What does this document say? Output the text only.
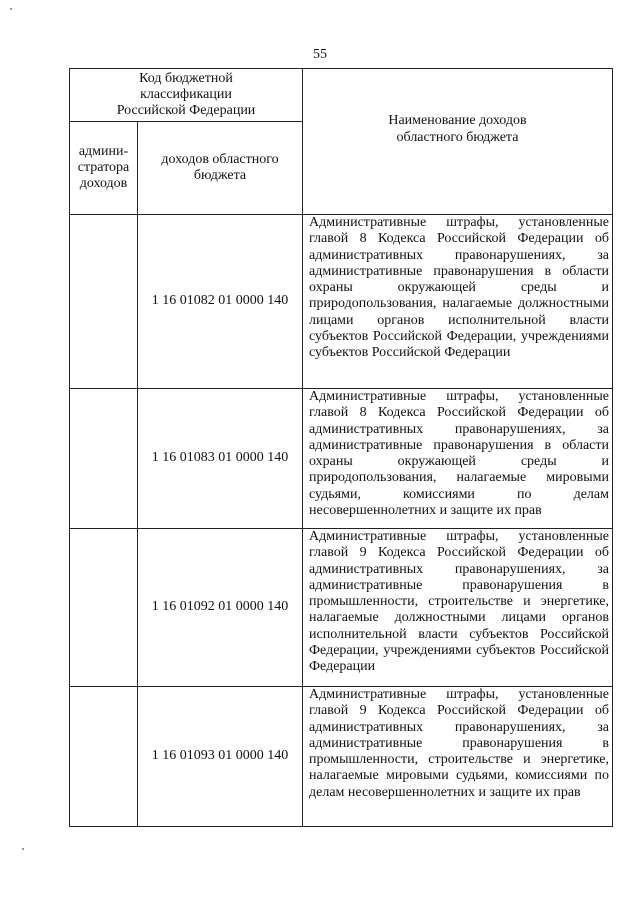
55
Код бюджетной классификации Российской Федерации		Наименование доходов областного бюджета

админи-стратора доходов	доходов областного бюджета	

	1 16 01082 01 0000 140	Административные штрафы, установленные главой 8 Кодекса Российской Федерации об административных правонарушениях, за административные правонарушения в области охраны окружающей среды и природопользования, налагаемые должностными лицами органов исполнительной власти субъектов Российской Федерации, учреждениями субъектов Российской Федерации

	1 16 01083 01 0000 140	Административные штрафы, установленные главой 8 Кодекса Российской Федерации об административных правонарушениях, за административные правонарушения в области охраны окружающей среды и природопользования, налагаемые мировыми судьями, комиссиями по делам несовершеннолетних и защите их прав

	1 16 01092 01 0000 140	Административные штрафы, установленные главой 9 Кодекса Российской Федерации об административных правонарушениях, за административные правонарушения в промышленности, строительстве и энергетике, налагаемые должностными лицами органов исполнительной власти субъектов Российской Федерации, учреждениями субъектов Российской Федерации

	1 16 01093 01 0000 140	Административные штрафы, установленные главой 9 Кодекса Российской Федерации об административных правонарушениях, за административные правонарушения в промышленности, строительстве и энергетике, налагаемые мировыми судьями, комиссиями по делам несовершеннолетних и защите их прав
